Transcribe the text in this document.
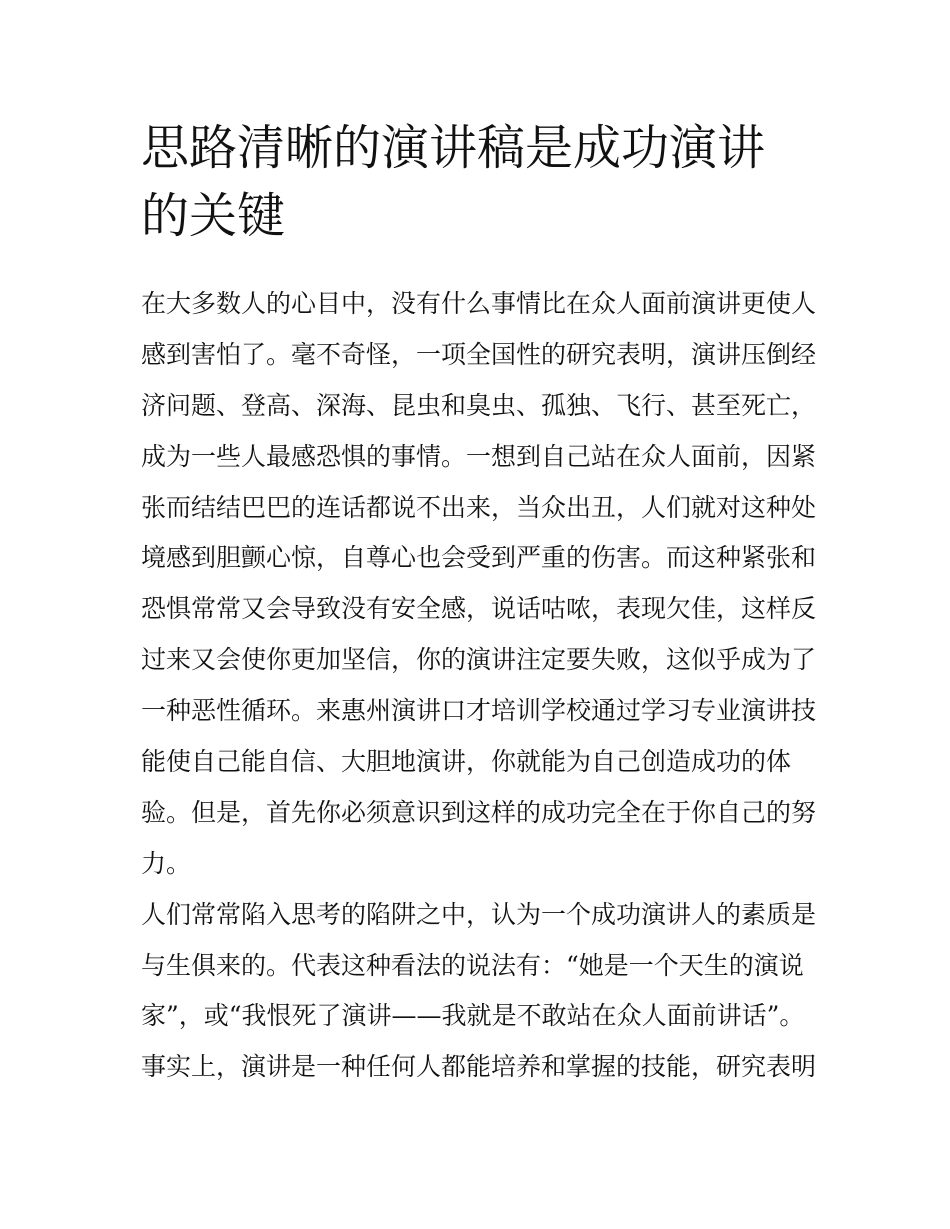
思路清晰的演讲稿是成功演讲
的关键
在大多数人的心目中，没有什么事情比在众人面前演讲更使人
感到害怕了。毫不奇怪，一项全国性的研究表明，演讲压倒经
济问题、登高、深海、昆虫和臭虫、孤独、飞行、甚至死亡，
成为一些人最感恐惧的事情。一想到自己站在众人面前，因紧
张而结结巴巴的连话都说不出来，当众出丑，人们就对这种处
境感到胆颤心惊，自尊心也会受到严重的伤害。而这种紧张和
恐惧常常又会导致没有安全感，说话咕哝，表现欠佳，这样反
过来又会使你更加坚信，你的演讲注定要失败，这似乎成为了
一种恶性循环。来惠州演讲口才培训学校通过学习专业演讲技
能使自己能自信、大胆地演讲，你就能为自己创造成功的体
验。但是，首先你必须意识到这样的成功完全在于你自己的努
力。
人们常常陷入思考的陷阱之中，认为一个成功演讲人的素质是
与生俱来的。代表这种看法的说法有：“她是一个天生的演说
家”，或“我恨死了演讲——我就是不敢站在众人面前讲话”。
事实上，演讲是一种任何人都能培养和掌握的技能，研究表明
